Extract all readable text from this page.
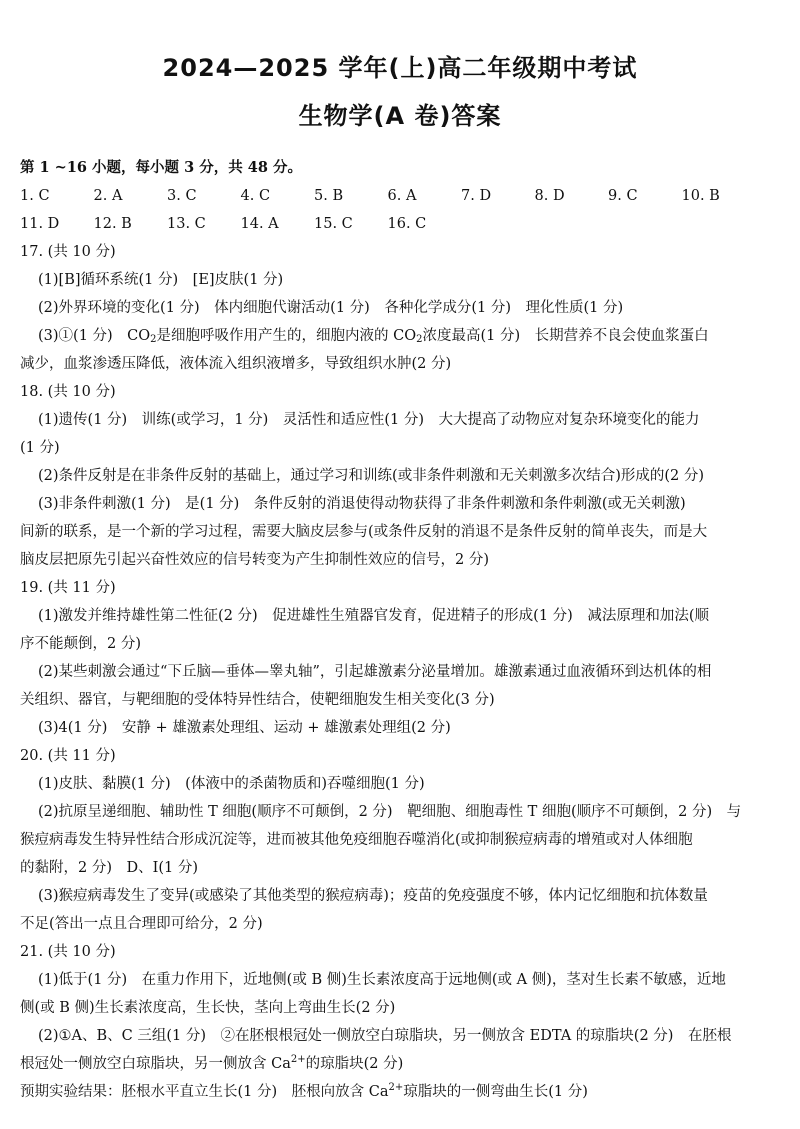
2024—2025 学年(上)高二年级期中考试
生物学(A 卷)答案

第 1 ~16 小题，每小题 3 分，共 48 分。

1. C	2. A	3. C	4. C	5. B	6. A	7. D	8. D	9. C	10. B
11. D	12. B	13. C	14. A	15. C	16. C

17. (共 10 分)

(1)[B]循环系统(1 分)　[E]皮肤(1 分)

(2)外界环境的变化(1 分)　体内细胞代谢活动(1 分)　各种化学成分(1 分)　理化性质(1 分)

(3)①(1 分)　$CO_2$是细胞呼吸作用产生的，细胞内液的 $CO_2$浓度最高(1 分)　长期营养不良会使血浆蛋白

减少，血浆渗透压降低，液体流入组织液增多，导致组织水肿(2 分)

18. (共 10 分)

(1)遗传(1 分)　训练(或学习，1 分)　灵活性和适应性(1 分)　大大提高了动物应对复杂环境变化的能力

(1 分)

(2)条件反射是在非条件反射的基础上，通过学习和训练(或非条件刺激和无关刺激多次结合)形成的(2 分)

(3)非条件刺激(1 分)　是(1 分)　条件反射的消退使得动物获得了非条件刺激和条件刺激(或无关刺激)

间新的联系，是一个新的学习过程，需要大脑皮层参与(或条件反射的消退不是条件反射的简单丧失，而是大

脑皮层把原先引起兴奋性效应的信号转变为产生抑制性效应的信号，2 分)

19. (共 11 分)

(1)激发并维持雄性第二性征(2 分)　促进雄性生殖器官发育，促进精子的形成(1 分)　减法原理和加法(顺

序不能颠倒，2 分)

(2)某些刺激会通过“下丘脑—垂体—睾丸轴”，引起雄激素分泌量增加。雄激素通过血液循环到达机体的相

关组织、器官，与靶细胞的受体特异性结合，使靶细胞发生相关变化(3 分)

(3)4(1 分)　安静 + 雄激素处理组、运动 + 雄激素处理组(2 分)

20. (共 11 分)

(1)皮肤、黏膜(1 分)　(体液中的杀菌物质和)吞噬细胞(1 分)

(2)抗原呈递细胞、辅助性 T 细胞(顺序不可颠倒，2 分)　靶细胞、细胞毒性 T 细胞(顺序不可颠倒，2 分)　与

猴痘病毒发生特异性结合形成沉淀等，进而被其他免疫细胞吞噬消化(或抑制猴痘病毒的增殖或对人体细胞

的黏附，2 分)　D、I(1 分)

(3)猴痘病毒发生了变异(或感染了其他类型的猴痘病毒)；疫苗的免疫强度不够，体内记忆细胞和抗体数量

不足(答出一点且合理即可给分，2 分)

21. (共 10 分)

(1)低于(1 分)　在重力作用下，近地侧(或 B 侧)生长素浓度高于远地侧(或 A 侧)，茎对生长素不敏感，近地

侧(或 B 侧)生长素浓度高，生长快，茎向上弯曲生长(2 分)

(2)①A、B、C 三组(1 分)　②在胚根根冠处一侧放空白琼脂块，另一侧放含 EDTA 的琼脂块(2 分)　在胚根

根冠处一侧放空白琼脂块，另一侧放含 $Ca^{2+}$的琼脂块(2 分)

预期实验结果：胚根水平直立生长(1 分)　胚根向放含 $Ca^{2+}$琼脂块的一侧弯曲生长(1 分)
